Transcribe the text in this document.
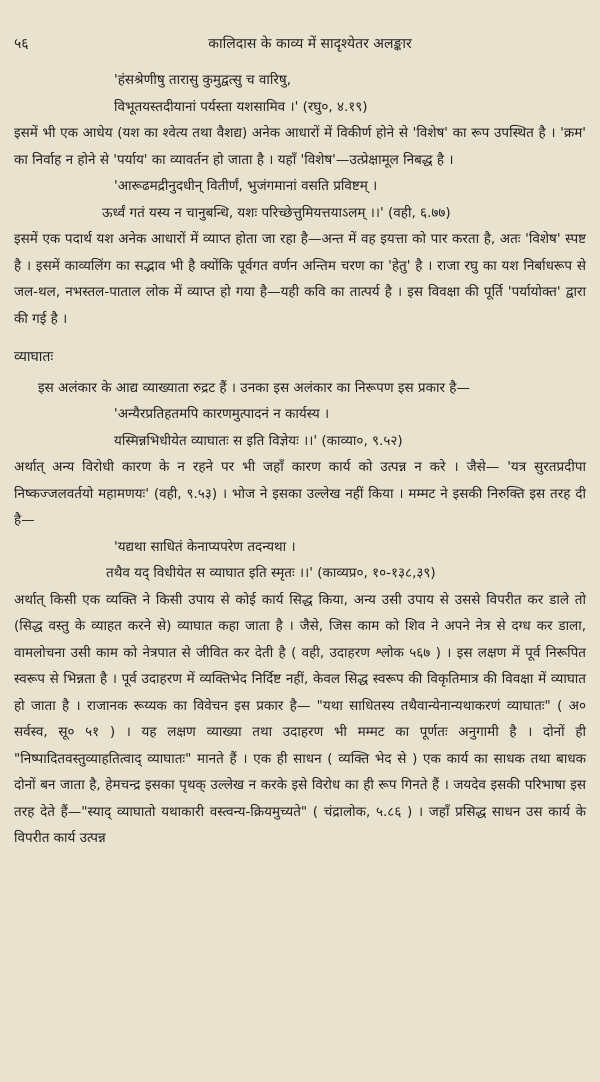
५६	कालिदास के काव्य में सादृश्येतर अलङ्कार

'हंसश्रेणीषु तारासु कुमुद्वत्सु च वारिषु,

विभूतयस्तदीयानां पर्यस्ता यशसामिव ।' (रघु०, ४.१९)

इसमें भी एक आधेय (यश का श्वेत्य तथा वैशद्य) अनेक आधारों में विकीर्ण होने से 'विशेष' का रूप उपस्थित है । 'क्रम' का निर्वाह न होने से 'पर्याय' का व्यावर्तन हो जाता है । यहाँ 'विशेष'—उत्प्रेक्षामूल निबद्ध है ।

'आरूढमद्रीनुदधीन् वितीर्णं, भुजंगमानां वसति प्रविष्टम् ।

ऊर्ध्वं गतं यस्य न चानुबन्धि, यशः परिच्छेत्तुमियत्तयाऽलम् ।।' (वही, ६.७७)

इसमें एक पदार्थ यश अनेक आधारों में व्याप्त होता जा रहा है—अन्त में वह इयत्ता को पार करता है, अतः 'विशेष' स्पष्ट है । इसमें काव्यलिंग का सद्भाव भी है क्योंकि पूर्वगत वर्णन अन्तिम चरण का 'हेतु' है । राजा रघु का यश निर्बाधरूप से जल-थल, नभस्तल-पाताल लोक में व्याप्त हो गया है—यही कवि का तात्पर्य है । इस विवक्षा की पूर्ति 'पर्यायोक्त' द्वारा की गई है ।

व्याघातः

इस अलंकार के आद्य व्याख्याता रुद्रट हैं । उनका इस अलंकार का निरूपण इस प्रकार है—

'अन्यैरप्रतिहतमपि कारणमुत्पादनं न कार्यस्य ।

यस्मिन्नभिधीयेत व्याघातः स इति विज्ञेयः ।।' (काव्या०, ९.५२)

अर्थात् अन्य विरोधी कारण के न रहने पर भी जहाँ कारण कार्य को उत्पन्न न करे । जैसे— 'यत्र सुरतप्रदीपा निष्कज्जलवर्तयो महामणयः' (वही, ९.५३) । भोज ने इसका उल्लेख नहीं किया । मम्मट ने इसकी निरुक्ति इस तरह दी है—

'यद्यथा साधितं केनाप्यपरेण तदन्यथा ।

तथैव यद् विधीयेत स व्याघात इति स्मृतः ।।' (काव्यप्र०, १०-१३८,३९)

अर्थात् किसी एक व्यक्ति ने किसी उपाय से कोई कार्य सिद्ध किया, अन्य उसी उपाय से उससे विपरीत कर डाले तो (सिद्ध वस्तु के व्याहत करने से) व्याघात कहा जाता है । जैसे, जिस काम को शिव ने अपने नेत्र से दग्ध कर डाला, वामलोचना उसी काम को नेत्रपात से जीवित कर देती है ( वही, उदाहरण श्लोक ५६७ ) । इस लक्षण में पूर्व निरूपित स्वरूप से भिन्नता है । पूर्व उदाहरण में व्यक्तिभेद निर्दिष्ट नहीं, केवल सिद्ध स्वरूप की विकृतिमात्र की विवक्षा में व्याघात हो जाता है । राजानक रूय्यक का विवेचन इस प्रकार है— "यथा साधितस्य तथैवान्येनान्यथाकरणं व्याघातः" ( अ० सर्वस्व, सू० ५१ ) । यह लक्षण व्याख्या तथा उदाहरण भी मम्मट का पूर्णतः अनुगामी है । दोनों ही "निष्पादितवस्तुव्याहतित्वाद् व्याघातः" मानते हैं । एक ही साधन ( व्यक्ति भेद से ) एक कार्य का साधक तथा बाधक दोनों बन जाता है, हेमचन्द्र इसका पृथक् उल्लेख न करके इसे विरोध का ही रूप गिनते हैं । जयदेव इसकी परिभाषा इस तरह देते हैं—"स्याद् व्याघातो यथाकारी वस्त्वन्य-क्रियमुच्यते" ( चंद्रालोक, ५.८६ ) । जहाँ प्रसिद्ध साधन उस कार्य के विपरीत कार्य उत्पन्न
